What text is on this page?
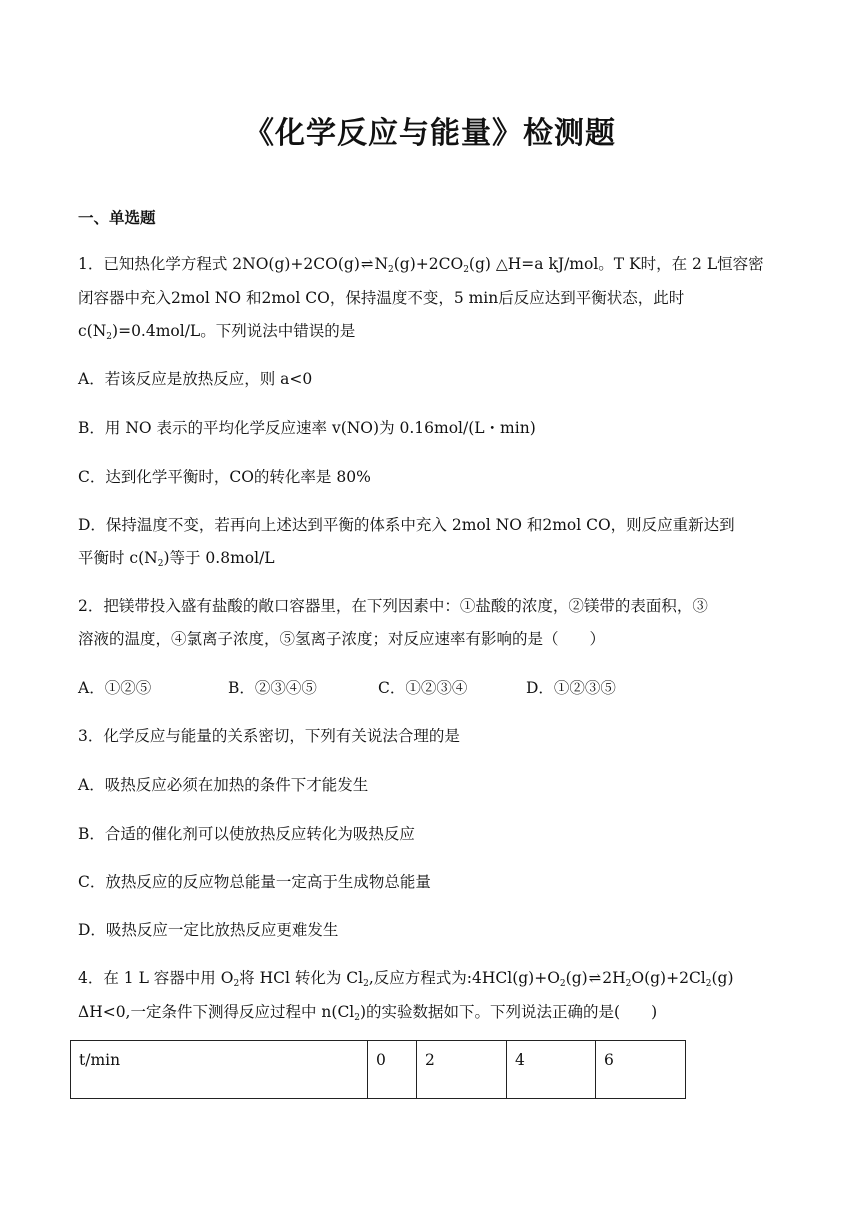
《化学反应与能量》检测题
一、单选题
1．已知热化学方程式 $2NO(g)+2CO(g)\rightleftharpoons N_2(g)+2CO_2(g)$ △H=a kJ/mol。T K时，在 2 L恒容密
闭容器中充入2mol NO 和2mol CO，保持温度不变，5 min后反应达到平衡状态，此时
$c(N_2)=0.4mol/L$。下列说法中错误的是
A．若该反应是放热反应，则 a<0
B．用 NO 表示的平均化学反应速率 v(NO)为 0.16mol/(L・min)
C．达到化学平衡时，CO的转化率是 80%
D．保持温度不变，若再向上述达到平衡的体系中充入 2mol NO 和2mol CO，则反应重新达到
平衡时 $c(N_2)$等于 0.8mol/L
2．把镁带投入盛有盐酸的敞口容器里，在下列因素中：①盐酸的浓度，②镁带的表面积，③
溶液的温度，④氯离子浓度，⑤氢离子浓度；对反应速率有影响的是（　　）
A．①②⑤	B．②③④⑤	C．①②③④	D．①②③⑤
3．化学反应与能量的关系密切，下列有关说法合理的是
A．吸热反应必须在加热的条件下才能发生
B．合适的催化剂可以使放热反应转化为吸热反应
C．放热反应的反应物总能量一定高于生成物总能量
D．吸热反应一定比放热反应更难发生
4．在 1 L 容器中用 $O_2$将 HCl 转化为 $Cl_2$,反应方程式为$:4HCl(g)+O_2(g)\rightleftharpoons 2H_2O(g)+2Cl_2(g)$
ΔH<0,一定条件下测得反应过程中 $n(Cl_2)$的实验数据如下。下列说法正确的是(　　)
t/min	0	2	4	6
